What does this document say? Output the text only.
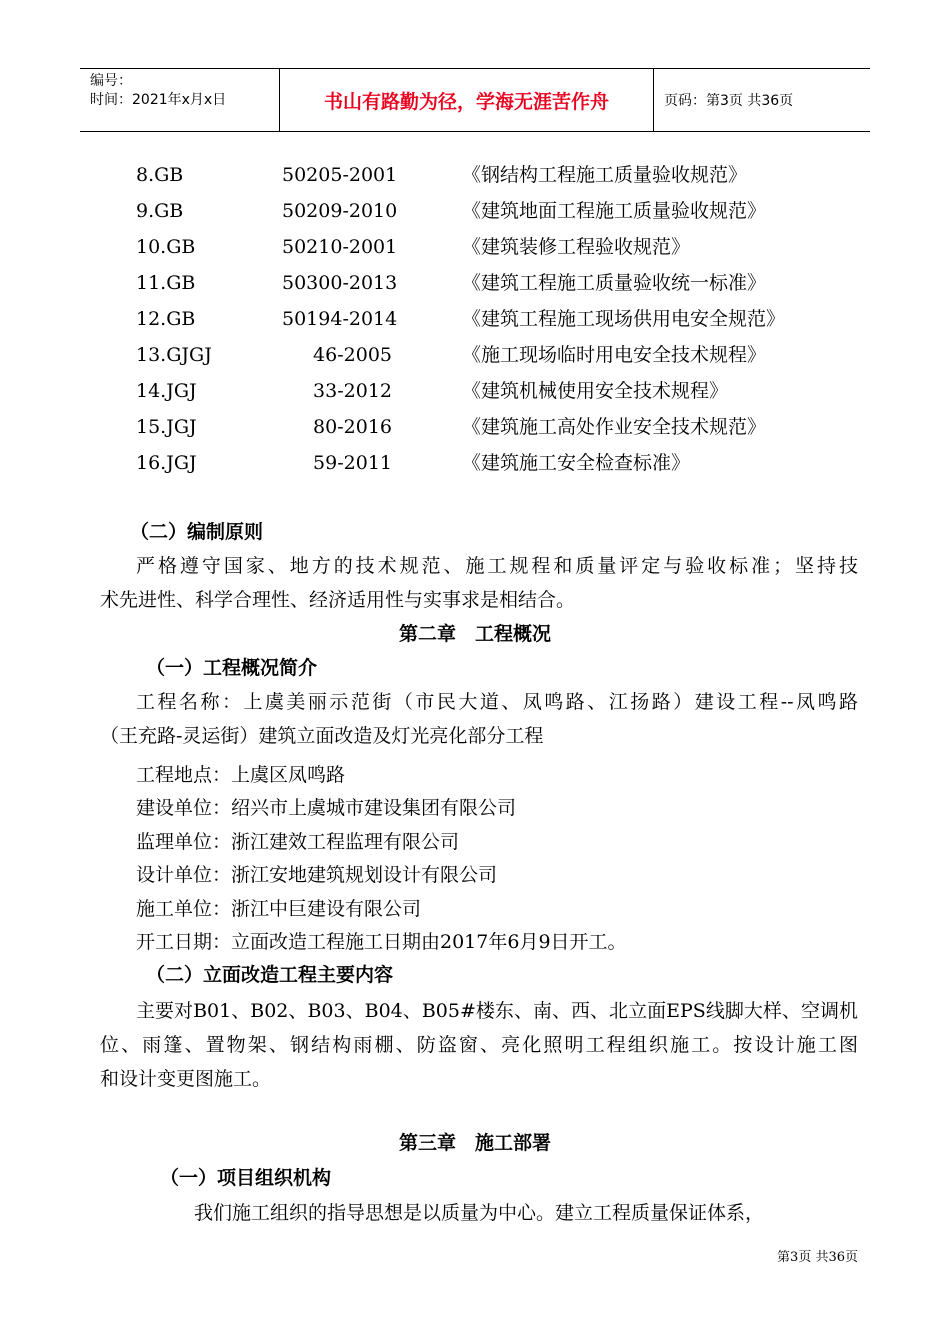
编号：
时间：2021年x月x日	书山有路勤为径，学海无涯苦作舟	页码：第3页 共36页
8.GB	50205-2001	《钢结构工程施工质量验收规范》
9.GB	50209-2010	《建筑地面工程施工质量验收规范》
10.GB	50210-2001	《建筑装修工程验收规范》
11.GB	50300-2013	《建筑工程施工质量验收统一标准》
12.GB	50194-2014	《建筑工程施工现场供用电安全规范》
13.GJGJ	46-2005	《施工现场临时用电安全技术规程》
14.JGJ	33-2012	《建筑机械使用安全技术规程》
15.JGJ	80-2016	《建筑施工高处作业安全技术规范》
16.JGJ	59-2011	《建筑施工安全检查标准》
（二）编制原则
严格遵守国家、地方的技术规范、施工规程和质量评定与验收标准；坚持技
术先进性、科学合理性、经济适用性与实事求是相结合。
第二章　工程概况
（一）工程概况简介
工程名称：上虞美丽示范街（市民大道、凤鸣路、江扬路）建设工程--凤鸣路
（王充路-灵运街）建筑立面改造及灯光亮化部分工程
工程地点：上虞区凤鸣路
建设单位：绍兴市上虞城市建设集团有限公司
监理单位：浙江建效工程监理有限公司
设计单位：浙江安地建筑规划设计有限公司
施工单位：浙江中巨建设有限公司
开工日期：立面改造工程施工日期由2017年6月9日开工。
（二）立面改造工程主要内容
主要对B01、B02、B03、B04、B05#楼东、南、西、北立面EPS线脚大样、空调机
位、雨篷、置物架、钢结构雨棚、防盗窗、亮化照明工程组织施工。按设计施工图
和设计变更图施工。
第三章　施工部署
（一）项目组织机构
我们施工组织的指导思想是以质量为中心。建立工程质量保证体系，
第3页 共36页
